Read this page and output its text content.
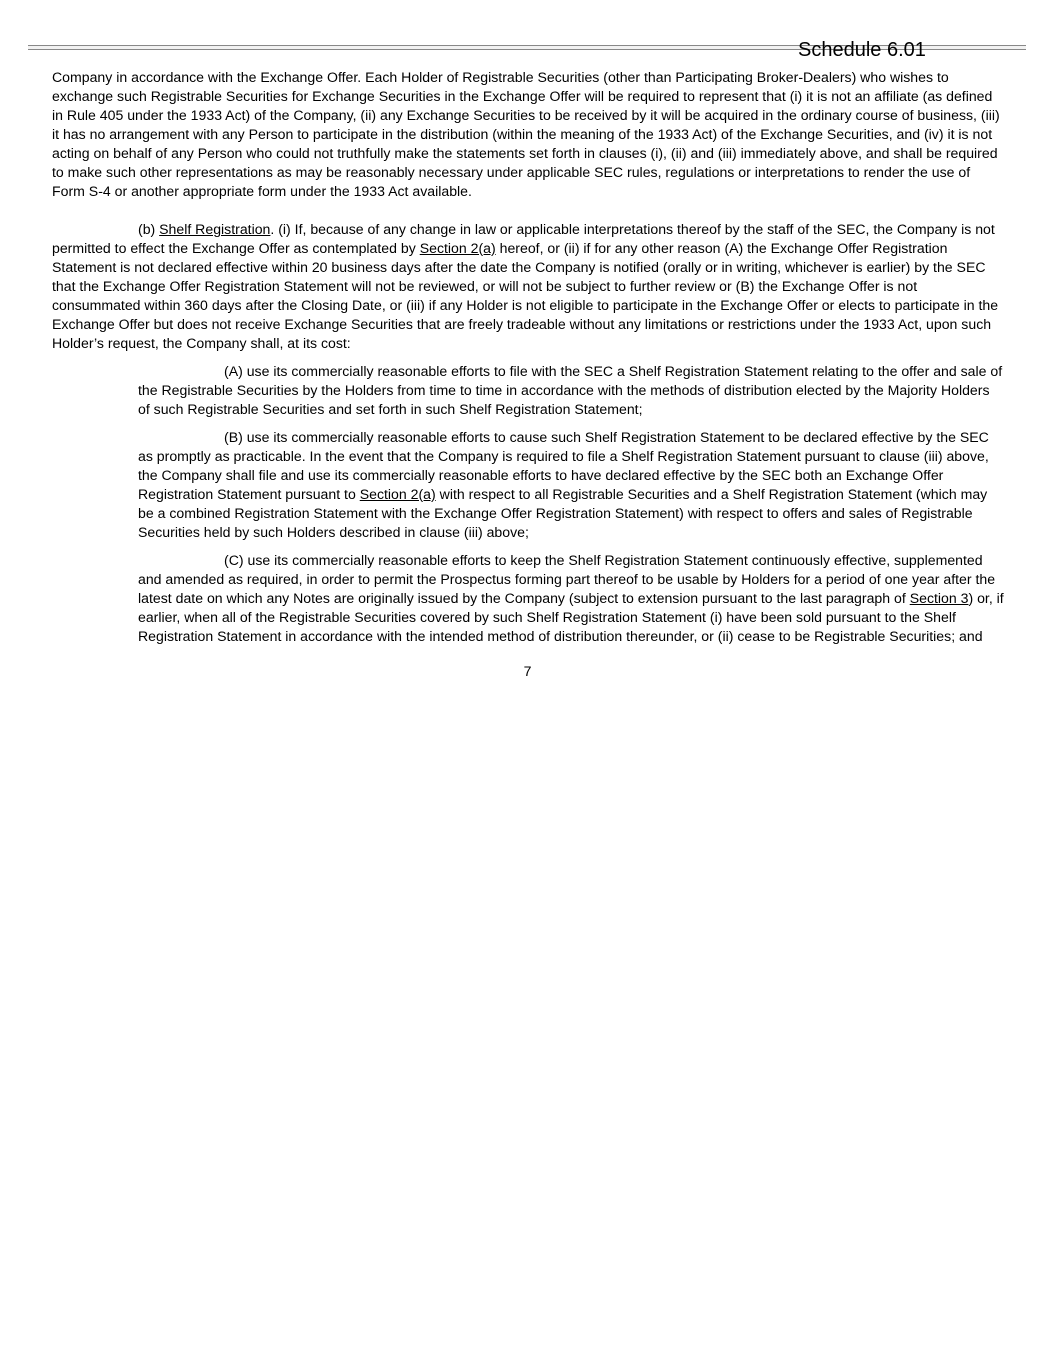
Schedule 6.01

Company in accordance with the Exchange Offer. Each Holder of Registrable Securities (other than Participating Broker-Dealers) who wishes to exchange such Registrable Securities for Exchange Securities in the Exchange Offer will be required to represent that (i) it is not an affiliate (as defined in Rule 405 under the 1933 Act) of the Company, (ii) any Exchange Securities to be received by it will be acquired in the ordinary course of business, (iii) it has no arrangement with any Person to participate in the distribution (within the meaning of the 1933 Act) of the Exchange Securities, and (iv) it is not acting on behalf of any Person who could not truthfully make the statements set forth in clauses (i), (ii) and (iii) immediately above, and shall be required to make such other representations as may be reasonably necessary under applicable SEC rules, regulations or interpretations to render the use of Form S-4 or another appropriate form under the 1933 Act available.

(b) Shelf Registration. (i) If, because of any change in law or applicable interpretations thereof by the staff of the SEC, the Company is not permitted to effect the Exchange Offer as contemplated by Section 2(a) hereof, or (ii) if for any other reason (A) the Exchange Offer Registration Statement is not declared effective within 20 business days after the date the Company is notified (orally or in writing, whichever is earlier) by the SEC that the Exchange Offer Registration Statement will not be reviewed, or will not be subject to further review or (B) the Exchange Offer is not consummated within 360 days after the Closing Date, or (iii) if any Holder is not eligible to participate in the Exchange Offer or elects to participate in the Exchange Offer but does not receive Exchange Securities that are freely tradeable without any limitations or restrictions under the 1933 Act, upon such Holder’s request, the Company shall, at its cost:

(A) use its commercially reasonable efforts to file with the SEC a Shelf Registration Statement relating to the offer and sale of the Registrable Securities by the Holders from time to time in accordance with the methods of distribution elected by the Majority Holders of such Registrable Securities and set forth in such Shelf Registration Statement;

(B) use its commercially reasonable efforts to cause such Shelf Registration Statement to be declared effective by the SEC as promptly as practicable. In the event that the Company is required to file a Shelf Registration Statement pursuant to clause (iii) above, the Company shall file and use its commercially reasonable efforts to have declared effective by the SEC both an Exchange Offer Registration Statement pursuant to Section 2(a) with respect to all Registrable Securities and a Shelf Registration Statement (which may be a combined Registration Statement with the Exchange Offer Registration Statement) with respect to offers and sales of Registrable Securities held by such Holders described in clause (iii) above;

(C) use its commercially reasonable efforts to keep the Shelf Registration Statement continuously effective, supplemented and amended as required, in order to permit the Prospectus forming part thereof to be usable by Holders for a period of one year after the latest date on which any Notes are originally issued by the Company (subject to extension pursuant to the last paragraph of Section 3) or, if earlier, when all of the Registrable Securities covered by such Shelf Registration Statement (i) have been sold pursuant to the Shelf Registration Statement in accordance with the intended method of distribution thereunder, or (ii) cease to be Registrable Securities; and

7
